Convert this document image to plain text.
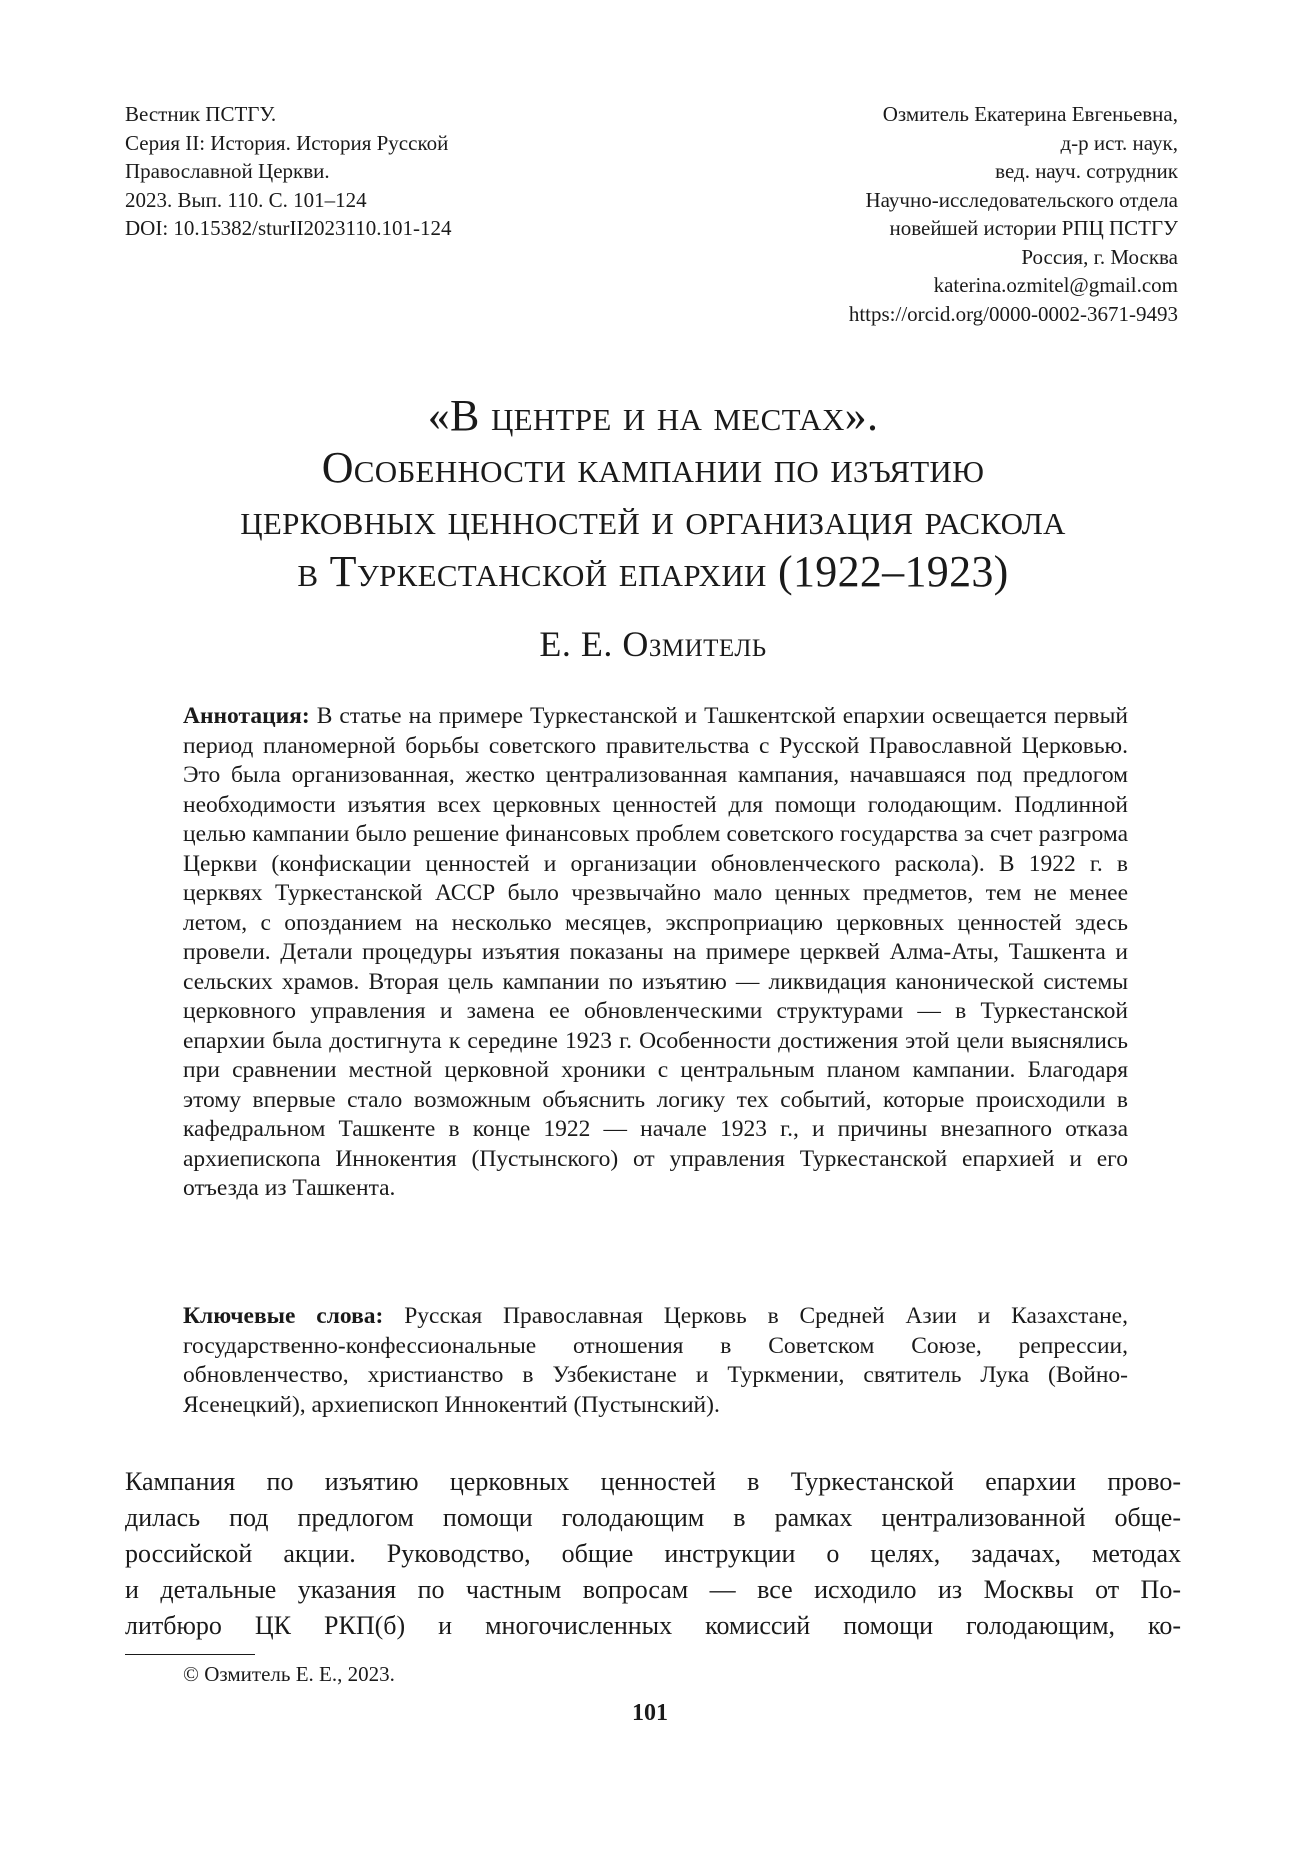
Вестник ПСТГУ.
Серия II: История. История Русской
Православной Церкви.
2023. Вып. 110. С. 101–124
DOI: 10.15382/sturII2023110.101-124
Озмитель Екатерина Евгеньевна,
д-р ист. наук,
вед. науч. сотрудник
Научно-исследовательского отдела
новейшей истории РПЦ ПСТГУ
Россия, г. Москва
katerina.ozmitel@gmail.com
https://orcid.org/0000-0002-3671-9493
«В центре и на местах».
Особенности кампании по изъятию
церковных ценностей и организация раскола
в Туркестанской епархии (1922–1923)
Е. Е. Озмитель
Аннотация: В статье на примере Туркестанской и Ташкентской епархии освещается первый период планомерной борьбы советского правительства с Русской Православной Церковью. Это была организованная, жестко централизованная кампания, начавшаяся под предлогом необходимости изъятия всех церковных ценностей для помощи голодающим. Подлинной целью кампании было решение финансовых проблем советского государства за счет разгрома Церкви (конфискации ценностей и организации обновленческого раскола). В 1922 г. в церквях Туркестанской АССР было чрезвычайно мало ценных предметов, тем не менее летом, с опозданием на несколько месяцев, экспроприацию церковных ценностей здесь провели. Детали процедуры изъятия показаны на примере церквей Алма-Аты, Ташкента и сельских храмов. Вторая цель кампании по изъятию — ликвидация канонической системы церковного управления и замена ее обновленческими структурами — в Туркестанской епархии была достигнута к середине 1923 г. Особенности достижения этой цели выяснялись при сравнении местной церковной хроники с центральным планом кампании. Благодаря этому впервые стало возможным объяснить логику тех событий, которые происходили в кафедральном Ташкенте в конце 1922 — начале 1923 г., и причины внезапного отказа архиепископа Иннокентия (Пустынского) от управления Туркестанской епархией и его отъезда из Ташкента.
Ключевые слова: Русская Православная Церковь в Средней Азии и Казахстане, государственно-конфессиональные отношения в Советском Союзе, репрессии, обновленчество, христианство в Узбекистане и Туркмении, святитель Лука (Войно-Ясенецкий), архиепископ Иннокентий (Пустынский).
Кампания по изъятию церковных ценностей в Туркестанской епархии прово-
дилась под предлогом помощи голодающим в рамках централизованной обще-
российской акции. Руководство, общие инструкции о целях, задачах, методах
и детальные указания по частным вопросам — все исходило из Москвы от По-
литбюро ЦК РКП(б) и многочисленных комиссий помощи голодающим, ко-
© Озмитель Е. Е., 2023.
101
